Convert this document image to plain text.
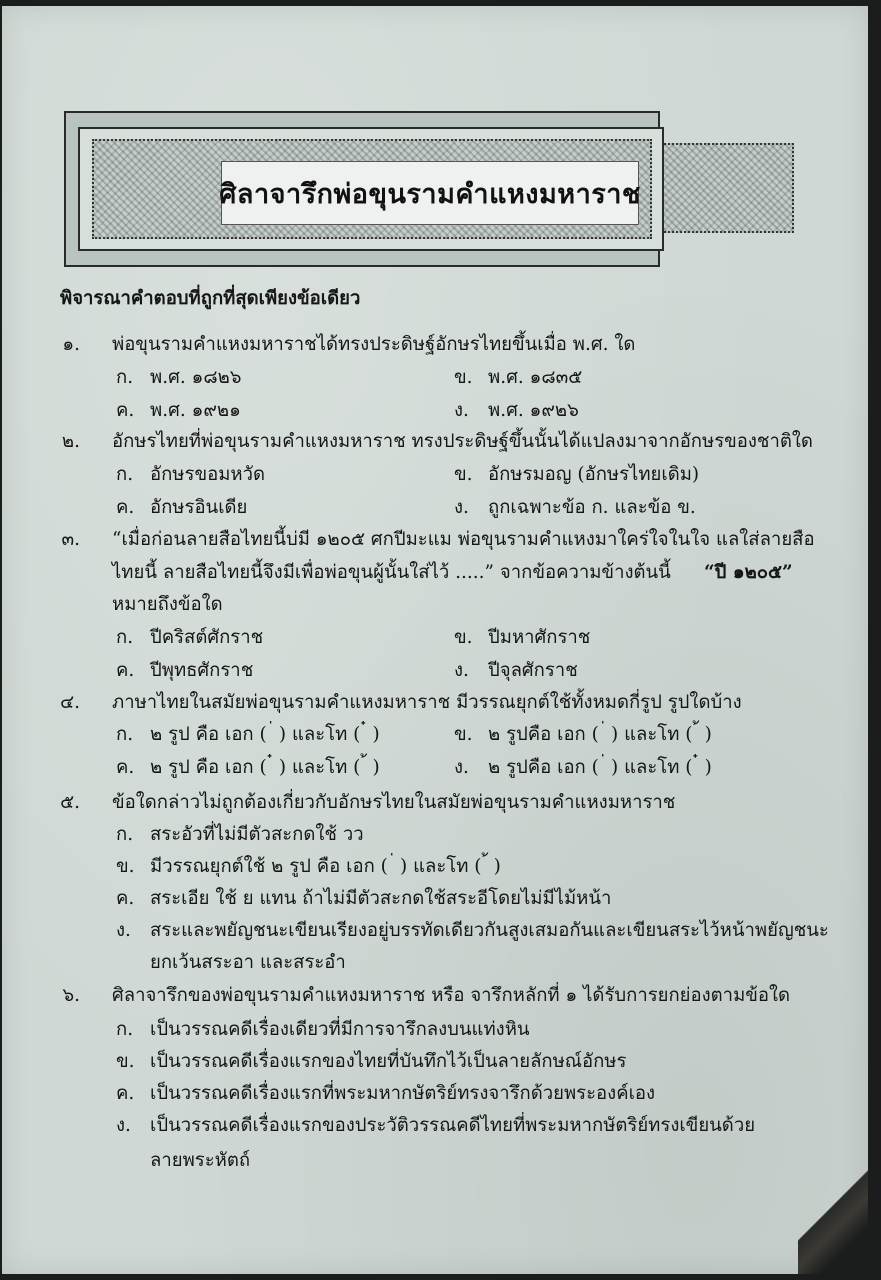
ศิลาจารึกพ่อขุนรามคำแหงมหาราช
พิจารณาคำตอบที่ถูกที่สุดเพียงข้อเดียว
๑. พ่อขุนรามคำแหงมหาราชได้ทรงประดิษฐ์อักษรไทยขึ้นเมื่อ พ.ศ. ใด
ก. พ.ศ. ๑๘๒๖	ข. พ.ศ. ๑๘๓๕
ค. พ.ศ. ๑๙๒๑	ง. พ.ศ. ๑๙๒๖
๒. อักษรไทยที่พ่อขุนรามคำแหงมหาราช ทรงประดิษฐ์ขึ้นนั้นได้แปลงมาจากอักษรของชาติใด
ก. อักษรขอมหวัด	ข. อักษรมอญ (อักษรไทยเดิม)
ค. อักษรอินเดีย	ง. ถูกเฉพาะข้อ ก. และข้อ ข.
๓. “เมื่อก่อนลายสือไทยนี้บ่มี ๑๒๐๕ ศกปีมะแม พ่อขุนรามคำแหงมาใคร่ใจในใจ แลใส่ลายสือ
ไทยนี้ ลายสือไทยนี้จึงมีเพื่อพ่อขุนผู้นั้นใส่ไว้ .....” จากข้อความข้างต้นนี้ “ปี ๑๒๐๕”
หมายถึงข้อใด
ก. ปีคริสต์ศักราช	ข. ปีมหาศักราช
ค. ปีพุทธศักราช	ง. ปีจุลศักราช
๔. ภาษาไทยในสมัยพ่อขุนรามคำแหงมหาราช มีวรรณยุกต์ใช้ทั้งหมดกี่รูป รูปใดบ้าง
ก. ๒ รูป คือ เอก ( ่ ) และโท ( ๋ )	ข. ๒ รูปคือ เอก ( ่ ) และโท ( ้ )
ค. ๒ รูป คือ เอก ( ๋ ) และโท ( ้ )	ง. ๒ รูปคือ เอก ( ่ ) และโท ( ๋ )
๕. ข้อใดกล่าวไม่ถูกต้องเกี่ยวกับอักษรไทยในสมัยพ่อขุนรามคำแหงมหาราช
ก. สระอัวที่ไม่มีตัวสะกดใช้ วว
ข. มีวรรณยุกต์ใช้ ๒ รูป คือ เอก ( ่ ) และโท ( ้ )
ค. สระเอีย ใช้ ย แทน ถ้าไม่มีตัวสะกดใช้สระอีโดยไม่มีไม้หน้า
ง. สระและพยัญชนะเขียนเรียงอยู่บรรทัดเดียวกันสูงเสมอกันและเขียนสระไว้หน้าพยัญชนะ
ยกเว้นสระอา และสระอำ
๖. ศิลาจารึกของพ่อขุนรามคำแหงมหาราช หรือ จารึกหลักที่ ๑ ได้รับการยกย่องตามข้อใด
ก. เป็นวรรณคดีเรื่องเดียวที่มีการจารึกลงบนแท่งหิน
ข. เป็นวรรณคดีเรื่องแรกของไทยที่บันทึกไว้เป็นลายลักษณ์อักษร
ค. เป็นวรรณคดีเรื่องแรกที่พระมหากษัตริย์ทรงจารึกด้วยพระองค์เอง
ง. เป็นวรรณคดีเรื่องแรกของประวัติวรรณคดีไทยที่พระมหากษัตริย์ทรงเขียนด้วย
ลายพระหัตถ์
